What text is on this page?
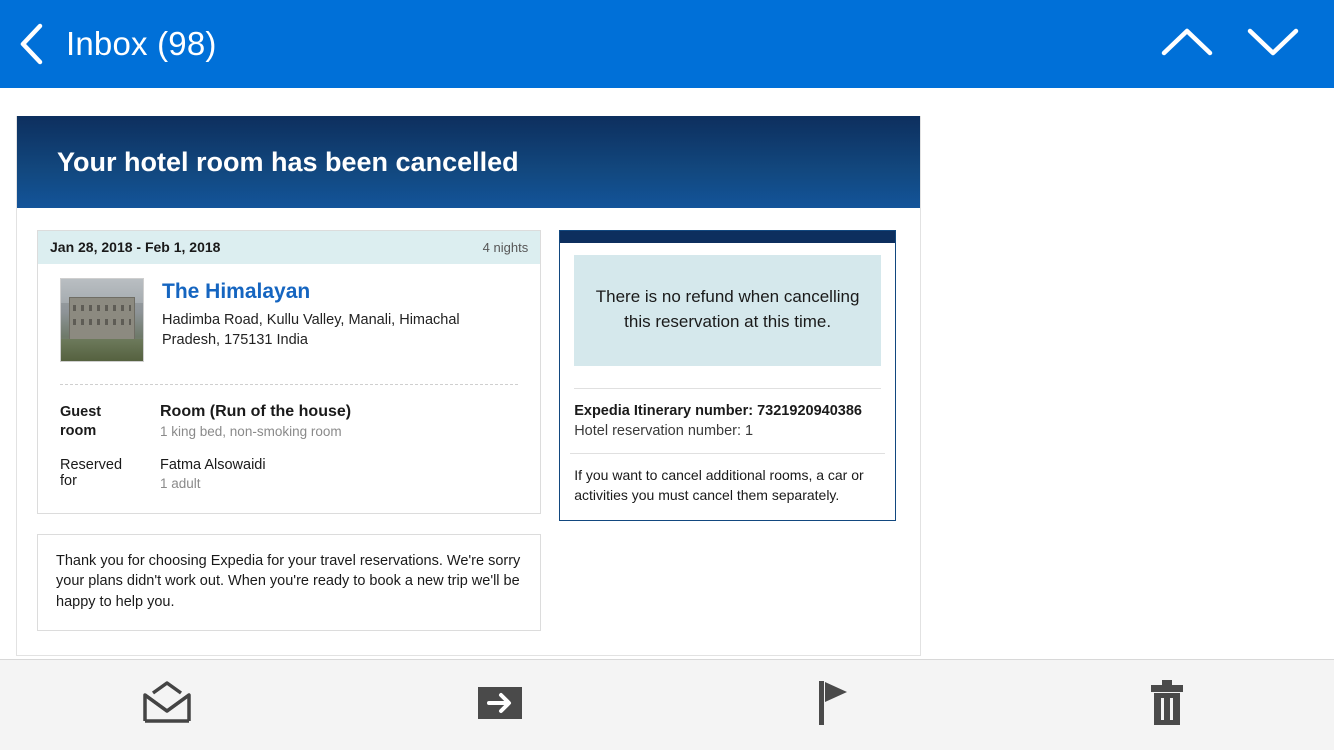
Inbox (98)
Your hotel room has been cancelled
Jan 28, 2018 - Feb 1, 2018	4 nights
The Himalayan
Hadimba Road, Kullu Valley, Manali, Himachal Pradesh, 175131 India
Guest room
Room (Run of the house)
1 king bed, non-smoking room
Reserved for
Fatma Alsowaidi
1 adult
Thank you for choosing Expedia for your travel reservations. We're sorry your plans didn't work out. When you're ready to book a new trip we'll be happy to help you.
There is no refund when cancelling this reservation at this time.
Expedia Itinerary number: 7321920940386
Hotel reservation number: 1
If you want to cancel additional rooms, a car or activities you must cancel them separately.
